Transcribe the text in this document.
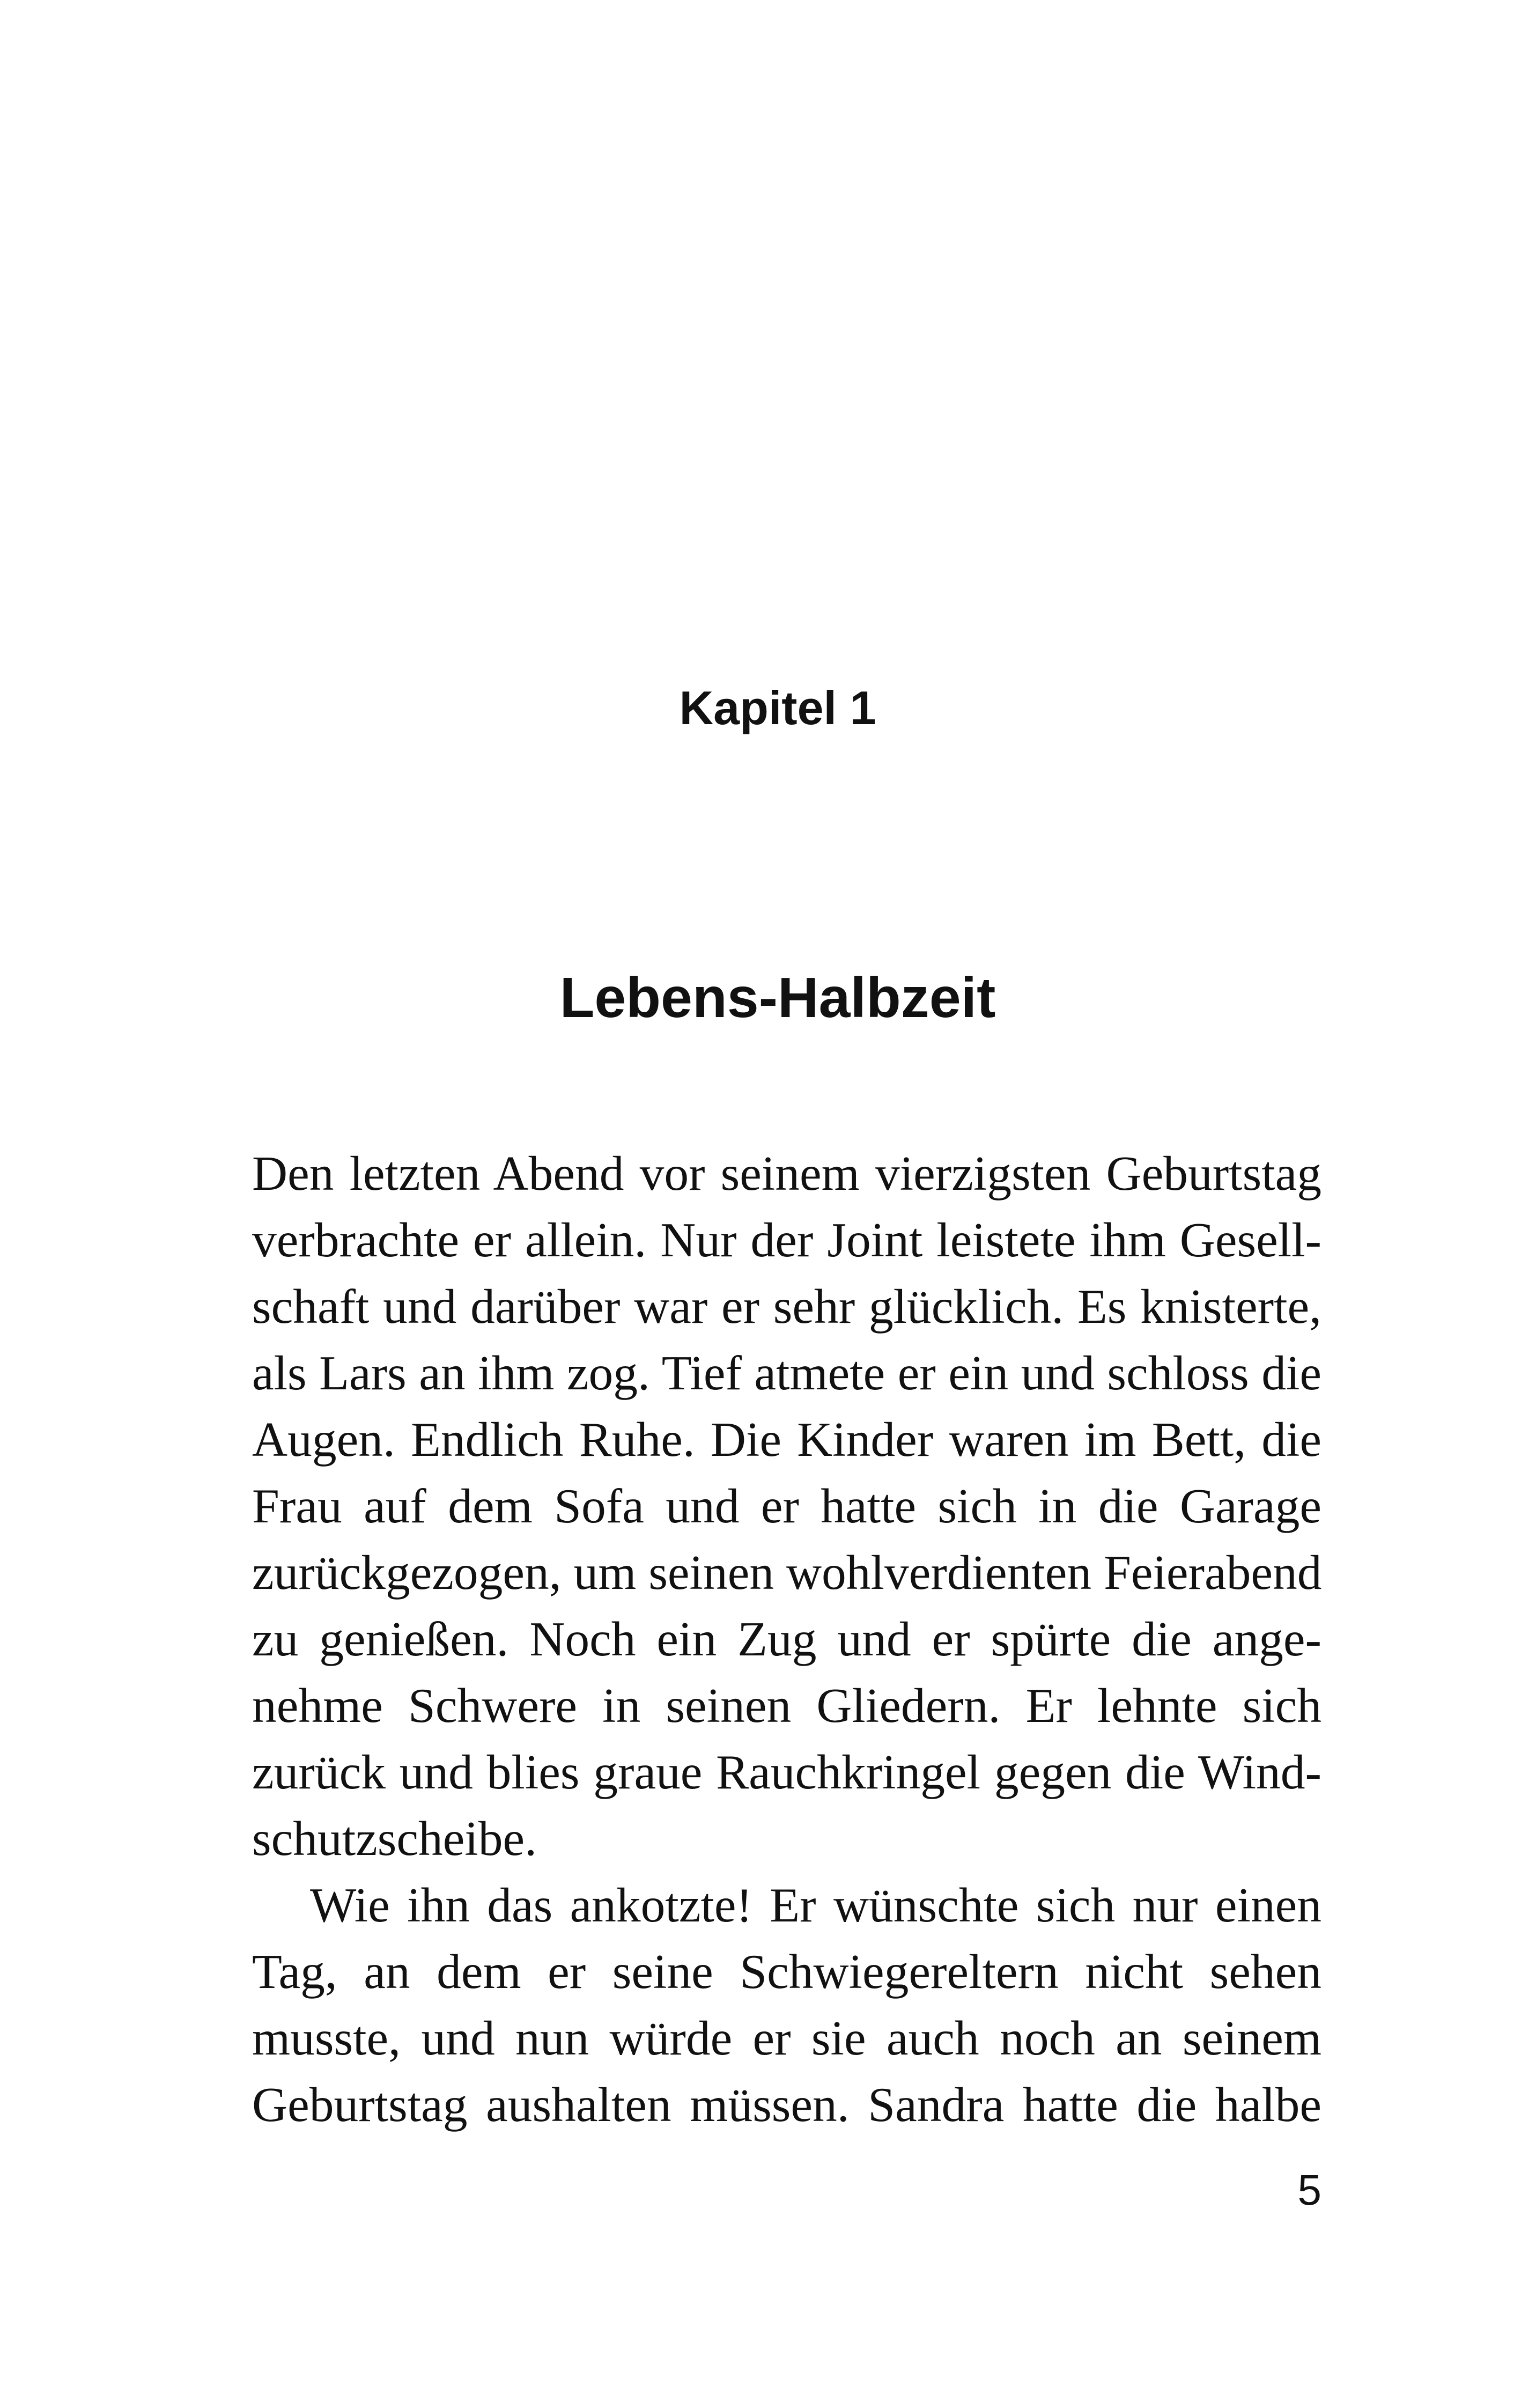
Kapitel 1
Lebens-Halbzeit

Den letzten Abend vor seinem vierzigsten Geburtstag
verbrachte er allein. Nur der Joint leistete ihm Gesell-
schaft und darüber war er sehr glücklich. Es knisterte,
als Lars an ihm zog. Tief atmete er ein und schloss die
Augen. Endlich Ruhe. Die Kinder waren im Bett, die
Frau auf dem Sofa und er hatte sich in die Garage
zurückgezogen, um seinen wohlverdienten Feierabend
zu genießen. Noch ein Zug und er spürte die ange-
nehme Schwere in seinen Gliedern. Er lehnte sich
zurück und blies graue Rauchkringel gegen die Wind-
schutzscheibe.

Wie ihn das ankotzte! Er wünschte sich nur einen
Tag, an dem er seine Schwiegereltern nicht sehen
musste, und nun würde er sie auch noch an seinem
Geburtstag aushalten müssen. Sandra hatte die halbe

5
